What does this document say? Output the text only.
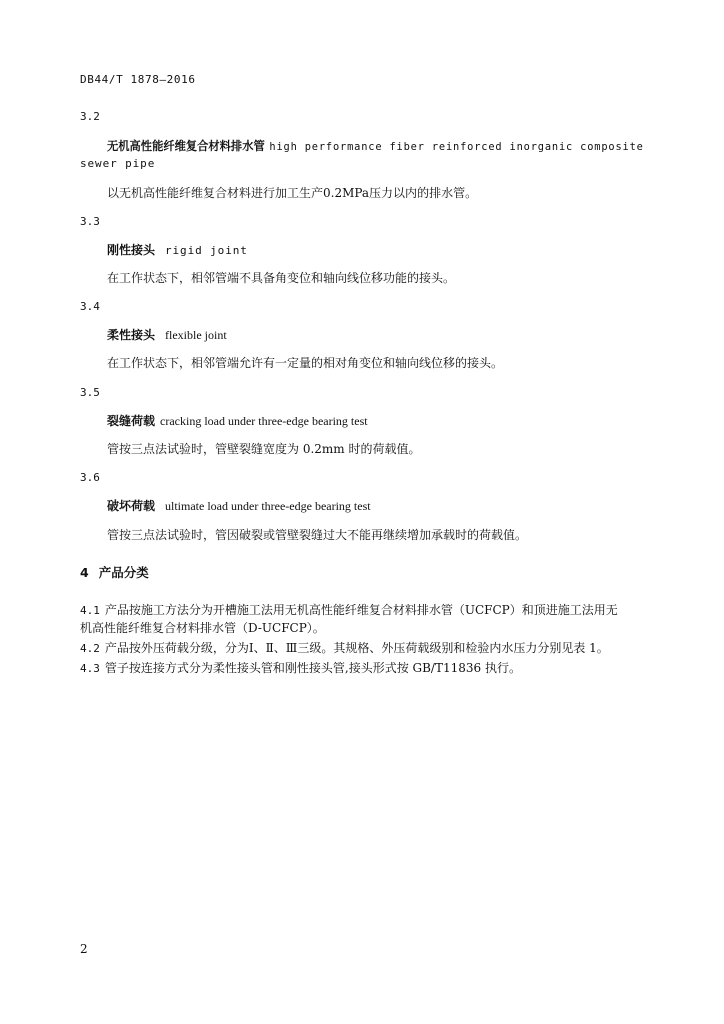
DB44/T 1878—2016
3.2
无机高性能纤维复合材料排水管 high performance fiber reinforced inorganic composite
sewer pipe
以无机高性能纤维复合材料进行加工生产0.2MPa压力以内的排水管。
3.3
刚性接头 rigid joint
在工作状态下，相邻管端不具备角变位和轴向线位移功能的接头。
3.4
柔性接头 flexible joint
在工作状态下，相邻管端允许有一定量的相对角变位和轴向线位移的接头。
3.5
裂缝荷载 cracking load under three-edge bearing test
管按三点法试验时，管壁裂缝宽度为 0.2mm 时的荷载值。
3.6
破坏荷载 ultimate load under three-edge bearing test
管按三点法试验时，管因破裂或管壁裂缝过大不能再继续增加承载时的荷载值。
4 产品分类
4.1 产品按施工方法分为开槽施工法用无机高性能纤维复合材料排水管（UCFCP）和顶进施工法用无
机高性能纤维复合材料排水管（D-UCFCP）。
4.2 产品按外压荷载分级，分为Ⅰ、Ⅱ、Ⅲ三级。其规格、外压荷载级别和检验内水压力分别见表 1。
4.3 管子按连接方式分为柔性接头管和刚性接头管,接头形式按 GB/T11836 执行。
2
